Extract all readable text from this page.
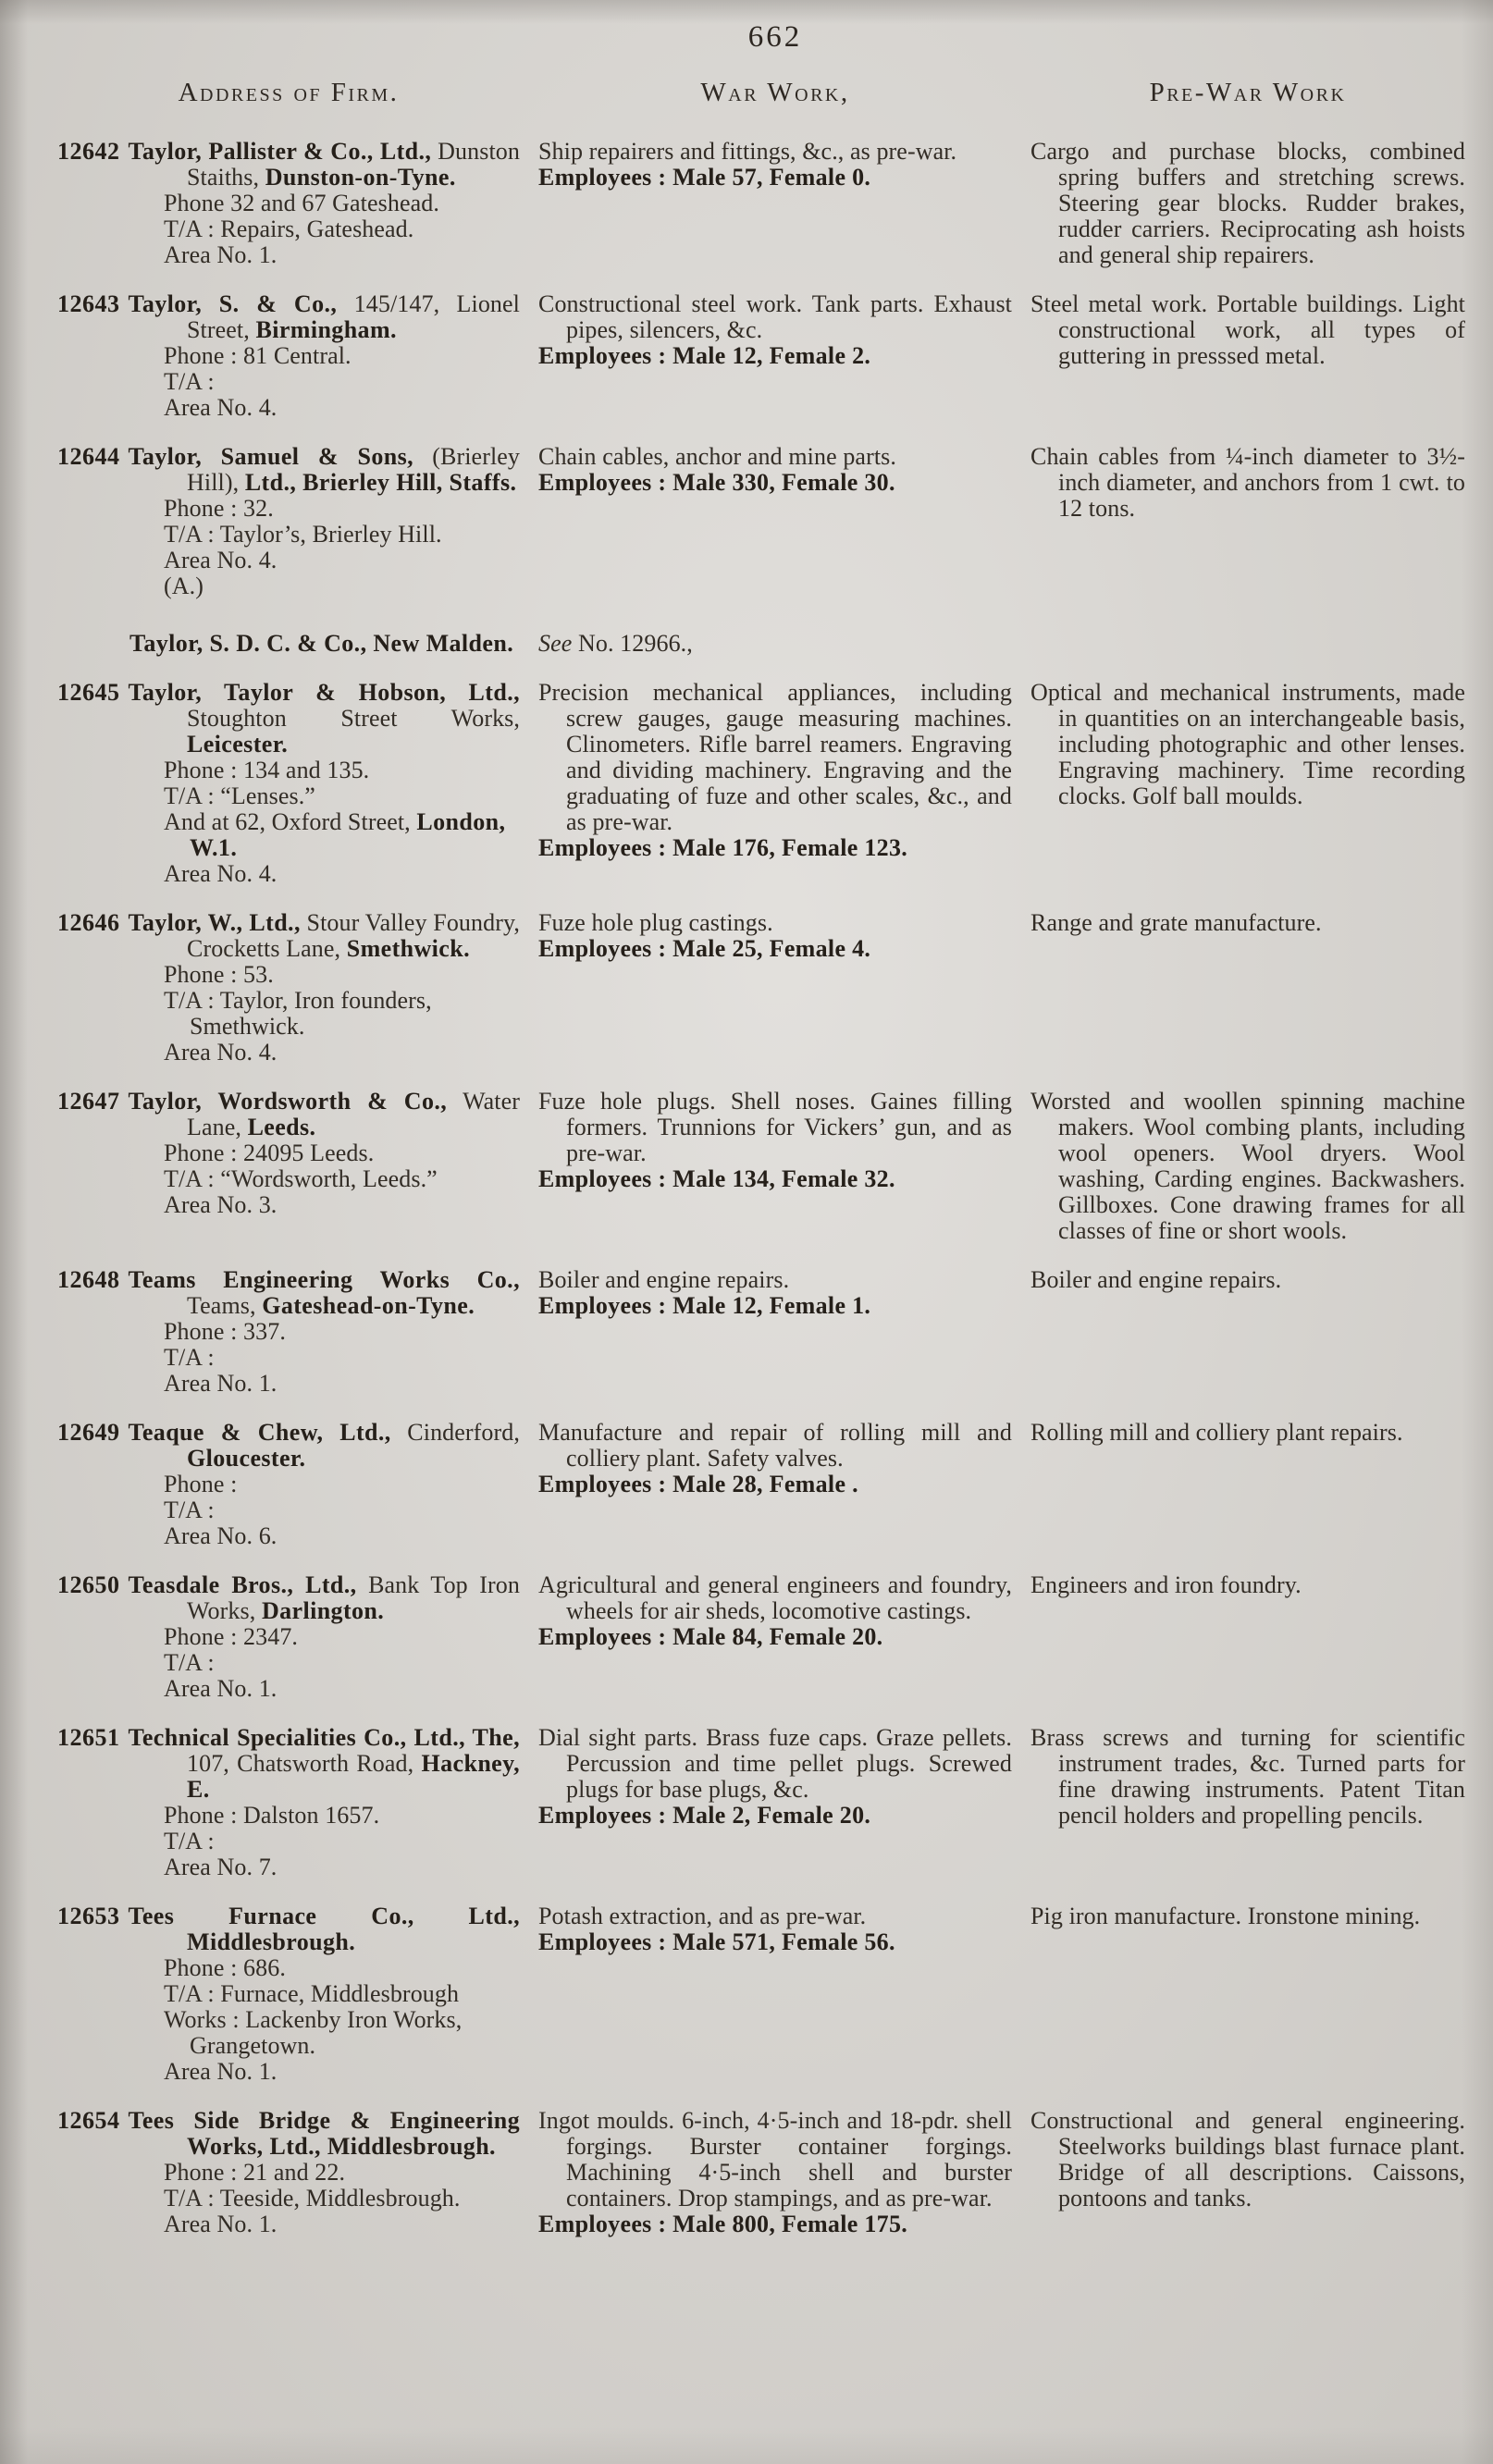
662
Address of Firm.	War Work,	Pre-War Work

12642 Taylor, Pallister & Co., Ltd., Dunston Staiths, Dunston-on-Tyne.

Phone 32 and 67 Gateshead.

T/A : Repairs, Gateshead.

Area No. 1.

Ship repairers and fittings, &c., as pre-war.

Employees : Male 57, Female 0.

Cargo and purchase blocks, combined spring buffers and stretching screws. Steering gear blocks. Rudder brakes, rudder carriers. Reciprocating ash hoists and general ship repairers.

12643 Taylor, S. & Co., 145/147, Lionel Street, Birmingham.

Phone : 81 Central.

T/A :

Area No. 4.

Constructional steel work. Tank parts. Exhaust pipes, silencers, &c.

Employees : Male 12, Female 2.

Steel metal work. Portable buildings. Light constructional work, all types of guttering in presssed metal.

12644 Taylor, Samuel & Sons, (Brierley Hill), Ltd., Brierley Hill, Staffs.

Phone : 32.

T/A : Taylor’s, Brierley Hill.

Area No. 4.

(A.)

Chain cables, anchor and mine parts.

Employees : Male 330, Female 30.

Chain cables from ¼-inch diameter to 3½-inch diameter, and anchors from 1 cwt. to 12 tons.

Taylor, S. D. C. & Co., New Malden. See No. 12966.,

12645 Taylor, Taylor & Hobson, Ltd., Stoughton Street Works, Leicester.

Phone : 134 and 135.

T/A : “Lenses.”

And at 62, Oxford Street, London, W.1.

Area No. 4.

Precision mechanical appliances, including screw gauges, gauge measuring machines. Clinometers. Rifle barrel reamers. Engraving and dividing machinery. Engraving and the graduating of fuze and other scales, &c., and as pre-war.

Employees : Male 176, Female 123.

Optical and mechanical instruments, made in quantities on an interchangeable basis, including photographic and other lenses. Engraving machinery. Time recording clocks. Golf ball moulds.

12646 Taylor, W., Ltd., Stour Valley Foundry, Crocketts Lane, Smethwick.

Phone : 53.

T/A : Taylor, Iron founders, Smethwick.

Area No. 4.

Fuze hole plug castings.

Employees : Male 25, Female 4.

Range and grate manufacture.

12647 Taylor, Wordsworth & Co., Water Lane, Leeds.

Phone : 24095 Leeds.

T/A : “Wordsworth, Leeds.”

Area No. 3.

Fuze hole plugs. Shell noses. Gaines filling formers. Trunnions for Vickers’ gun, and as pre-war.

Employees : Male 134, Female 32.

Worsted and woollen spinning machine makers. Wool combing plants, including wool openers. Wool dryers. Wool washing, Carding engines. Backwashers. Gillboxes. Cone drawing frames for all classes of fine or short wools.

12648 Teams Engineering Works Co., Teams, Gateshead-on-Tyne.

Phone : 337.

T/A :

Area No. 1.

Boiler and engine repairs.

Employees : Male 12, Female 1.

Boiler and engine repairs.

12649 Teaque & Chew, Ltd., Cinderford, Gloucester.

Phone :

T/A :

Area No. 6.

Manufacture and repair of rolling mill and colliery plant. Safety valves.

Employees : Male 28, Female .

Rolling mill and colliery plant repairs.

12650 Teasdale Bros., Ltd., Bank Top Iron Works, Darlington.

Phone : 2347.

T/A :

Area No. 1.

Agricultural and general engineers and foundry, wheels for air sheds, locomotive castings.

Employees : Male 84, Female 20.

Engineers and iron foundry.

12651 Technical Specialities Co., Ltd., The, 107, Chatsworth Road, Hackney, E.

Phone : Dalston 1657.

T/A :

Area No. 7.

Dial sight parts. Brass fuze caps. Graze pellets. Percussion and time pellet plugs. Screwed plugs for base plugs, &c.

Employees : Male 2, Female 20.

Brass screws and turning for scientific instrument trades, &c. Turned parts for fine drawing instruments. Patent Titan pencil holders and propelling pencils.

12653 Tees Furnace Co., Ltd., Middlesbrough.

Phone : 686.

T/A : Furnace, Middlesbrough

Works : Lackenby Iron Works, Grangetown.

Area No. 1.

Potash extraction, and as pre-war.

Employees : Male 571, Female 56.

Pig iron manufacture. Ironstone mining.

12654 Tees Side Bridge & Engineering Works, Ltd., Middlesbrough.

Phone : 21 and 22.

T/A : Teeside, Middlesbrough.

Area No. 1.

Ingot moulds. 6-inch, 4·5-inch and 18-pdr. shell forgings. Burster container forgings. Machining 4·5-inch shell and burster containers. Drop stampings, and as pre-war.

Employees : Male 800, Female 175.

Constructional and general engineering. Steelworks buildings blast furnace plant. Bridge of all descriptions. Caissons, pontoons and tanks.
